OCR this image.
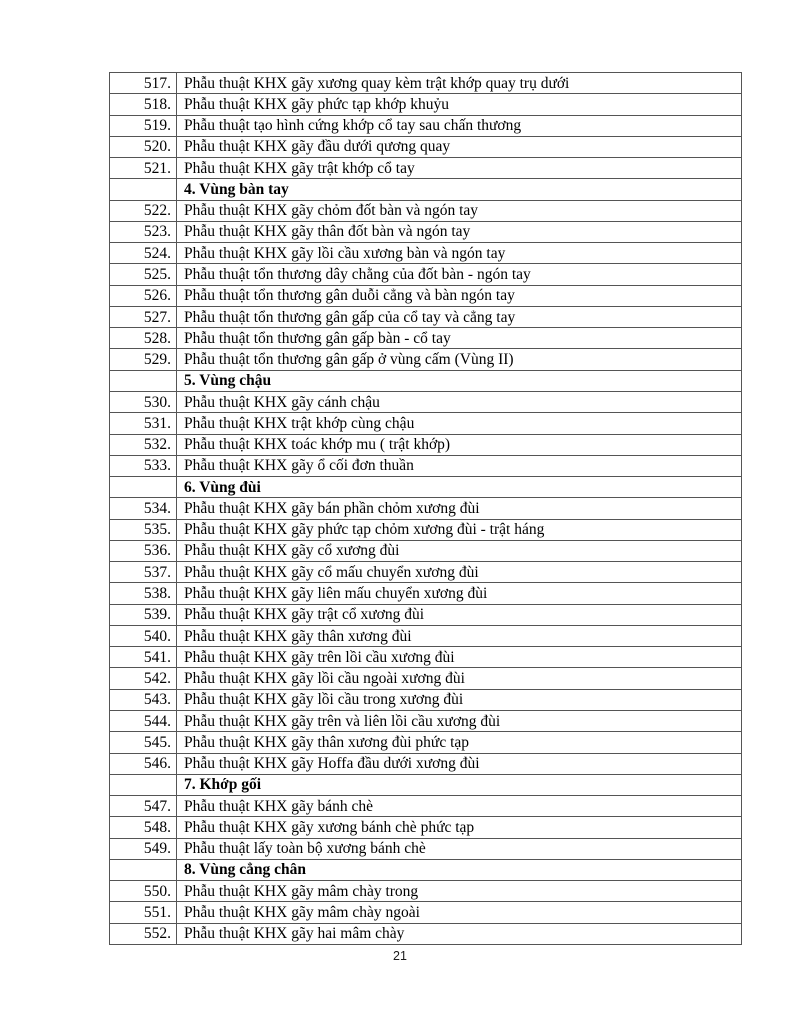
517.	Phẫu thuật KHX gãy xương quay kèm trật khớp quay trụ dưới
518.	Phẫu thuật KHX gãy phức tạp khớp khuỷu
519.	Phẫu thuật tạo hình cứng khớp cổ tay sau chấn thương
520.	Phẫu thuật KHX gãy đầu dưới qương quay
521.	Phẫu thuật KHX gãy trật khớp cổ tay
	4. Vùng bàn tay
522.	Phẫu thuật KHX gãy chỏm đốt bàn và ngón tay
523.	Phẫu thuật KHX gãy thân đốt bàn và ngón tay
524.	Phẫu thuật KHX gãy lồi cầu xương bàn và ngón tay
525.	Phẫu thuật tổn thương dây chằng của đốt bàn - ngón tay
526.	Phẫu thuật tổn thương gân duỗi cẳng và bàn ngón tay
527.	Phẫu thuật tổn thương gân gấp của cổ tay và cẳng tay
528.	Phẫu thuật tổn thương gân gấp bàn - cổ tay
529.	Phẫu thuật tổn thương gân gấp ở vùng cấm (Vùng II)
	5. Vùng chậu
530.	Phẫu thuật KHX gãy cánh chậu
531.	Phẫu thuật KHX trật khớp cùng chậu
532.	Phẫu thuật KHX toác khớp mu ( trật khớp)
533.	Phẫu thuật KHX gãy ổ cối đơn thuần
	6. Vùng đùi
534.	Phẫu thuật KHX gãy bán phần chỏm xương đùi
535.	Phẫu thuật KHX gãy phức tạp chỏm xương đùi - trật háng
536.	Phẫu thuật KHX gãy cổ xương đùi
537.	Phẫu thuật KHX gãy cổ mấu chuyển xương đùi
538.	Phẫu thuật KHX gãy liên mấu chuyển xương đùi
539.	Phẫu thuật KHX gãy trật cổ xương đùi
540.	Phẫu thuật KHX gãy thân xương đùi
541.	Phẫu thuật KHX gãy trên lồi cầu xương đùi
542.	Phẫu thuật KHX gãy lồi cầu ngoài xương đùi
543.	Phẫu thuật KHX gãy lồi cầu trong xương đùi
544.	Phẫu thuật KHX gãy trên và liên lồi cầu xương đùi
545.	Phẫu thuật KHX gãy thân xương đùi phức tạp
546.	Phẫu thuật KHX gãy Hoffa đầu dưới xương đùi
	7. Khớp gối
547.	Phẫu thuật KHX gãy bánh chè
548.	Phẫu thuật KHX gãy xương bánh chè phức tạp
549.	Phẫu thuật lấy toàn bộ xương bánh chè
	8. Vùng cẳng chân
550.	Phẫu thuật KHX gãy mâm chày trong
551.	Phẫu thuật KHX gãy mâm chày ngoài
552.	Phẫu thuật KHX gãy hai mâm chày
21
